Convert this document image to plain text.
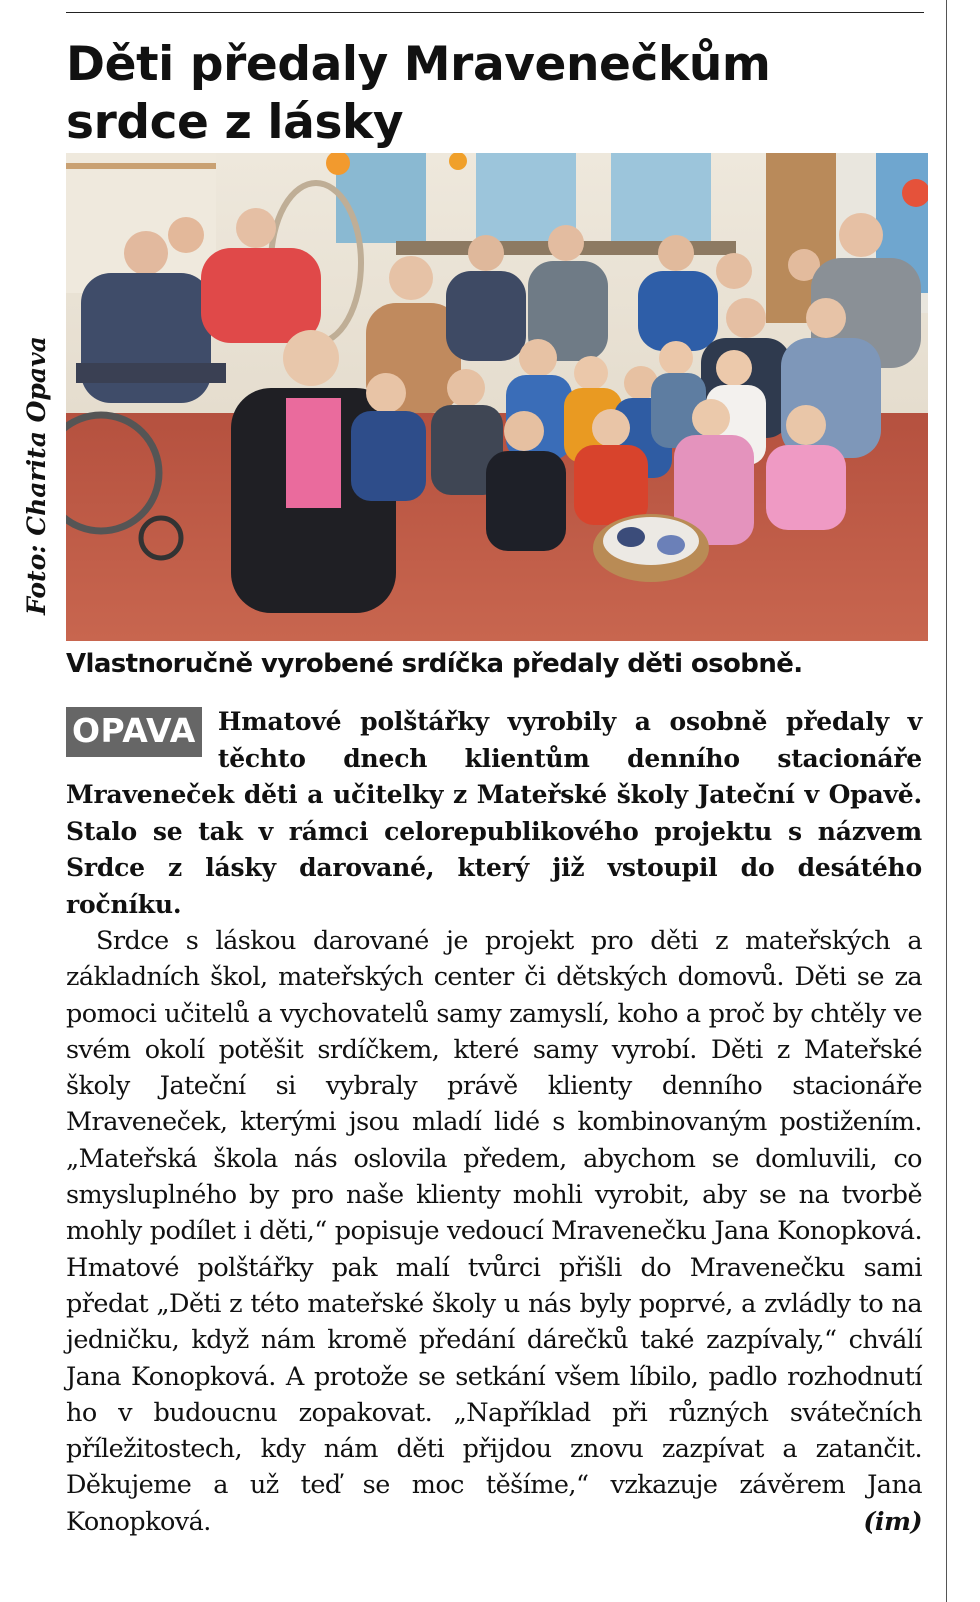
Děti předaly Mravenečkům srdce z lásky
Foto: Charita Opava

Vlastnoručně vyrobené srdíčka předaly děti osobně.

OPAVA Hmatové polštářky vyrobily a osobně předaly v těchto dnech klientům denního stacionáře Mraveneček děti a učitelky z Mateřské školy Jateční v Opavě. Stalo se tak v rámci celorepublikového projektu s názvem Srdce z lásky darované, který již vstoupil do desátého ročníku.

Srdce s láskou darované je projekt pro děti z mateřských a základních škol, mateřských center či dětských domovů. Děti se za pomoci učitelů a vychovatelů samy zamyslí, koho a proč by chtěly ve svém okolí potěšit srdíčkem, které samy vyrobí. Děti z Mateřské školy Jateční si vybraly právě klienty denního stacionáře Mraveneček, kterými jsou mladí lidé s kombinovaným postižením. „Mateřská škola nás oslovila předem, abychom se domluvili, co smysluplného by pro naše klienty mohli vyrobit, aby se na tvorbě mohly podílet i děti,“ popisuje vedoucí Mravenečku Jana Konopková. Hmatové polštářky pak malí tvůrci přišli do Mravenečku sami předat „Děti z této mateřské školy u nás byly poprvé, a zvládly to na jedničku, když nám kromě předání dárečků také zazpívaly,“ chválí Jana Konopková. A protože se setkání všem líbilo, padlo rozhodnutí ho v budoucnu zopakovat. „Například při různých svátečních příležitostech, kdy nám děti přijdou znovu zazpívat a zatančit. Děkujeme a už teď se moc těšíme,“ vzkazuje závěrem Jana Konopková.	(im)
